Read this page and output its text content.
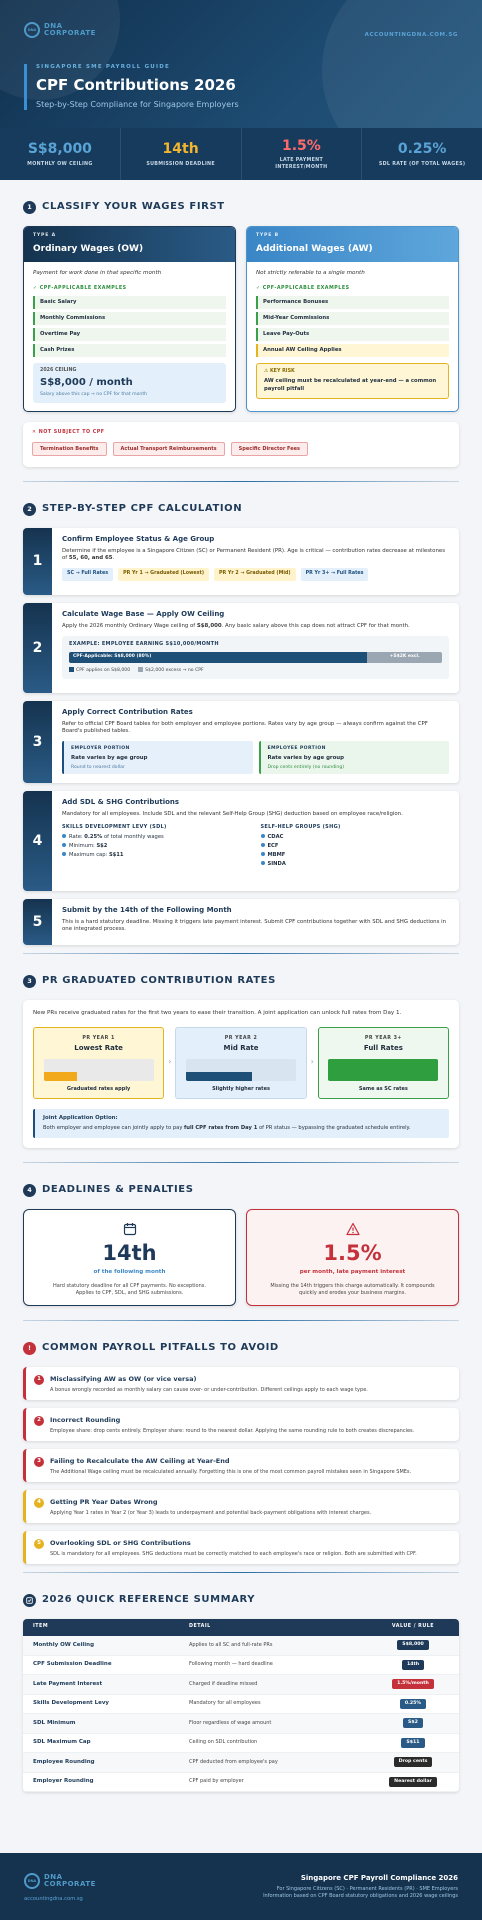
DNA	DNA
CORPORATE	ACCOUNTINGDNA.COM.SG
SINGAPORE SME PAYROLL GUIDE
CPF Contributions 2026
Step-by-Step Compliance for Singapore Employers
S$8,000
MONTHLY OW CEILING
14th
SUBMISSION DEADLINE
1.5%
LATE PAYMENT INTEREST/MONTH
0.25%
SDL RATE (OF TOTAL WAGES)
1	CLASSIFY YOUR WAGES FIRST
TYPE A
Ordinary Wages (OW)
Payment for work done in that specific month
✓ CPF-APPLICABLE EXAMPLES
Basic Salary
Monthly Commissions
Overtime Pay
Cash Prizes
2026 CEILING
S$8,000 / month
Salary above this cap → no CPF for that month
TYPE B
Additional Wages (AW)
Not strictly referable to a single month
✓ CPF-APPLICABLE EXAMPLES
Performance Bonuses
Mid-Year Commissions
Leave Pay-Outs
Annual AW Ceiling Applies
⚠ KEY RISK
AW ceiling must be recalculated at year-end — a common payroll pitfall
✕ NOT SUBJECT TO CPF
Termination Benefits	Actual Transport Reimbursements	Specific Director Fees
2	STEP-BY-STEP CPF CALCULATION
1
Confirm Employee Status & Age Group
Determine if the employee is a Singapore Citizen (SC) or Permanent Resident (PR). Age is critical — contribution rates decrease at milestones of 55, 60, and 65.
SC → Full Rates	PR Yr 1 → Graduated (Lowest)	PR Yr 2 → Graduated (Mid)	PR Yr 3+ → Full Rates
2
Calculate Wage Base — Apply OW Ceiling
Apply the 2026 monthly Ordinary Wage ceiling of S$8,000. Any basic salary above this cap does not attract CPF for that month.
EXAMPLE: EMPLOYEE EARNING S$10,000/MONTH
CPF-Applicable: S$8,000 (80%)	+S$2K excl.
CPF applies on S$8,000	S$2,000 excess → no CPF
3
Apply Correct Contribution Rates
Refer to official CPF Board tables for both employer and employee portions. Rates vary by age group — always confirm against the CPF Board's published tables.
EMPLOYER PORTION
Rate varies by age group
Round to nearest dollar
EMPLOYEE PORTION
Rate varies by age group
Drop cents entirely (no rounding)
4
Add SDL & SHG Contributions
Mandatory for all employees. Include SDL and the relevant Self-Help Group (SHG) deduction based on employee race/religion.
SKILLS DEVELOPMENT LEVY (SDL)
Rate: 0.25% of total monthly wages
Minimum: S$2
Maximum cap: S$11
SELF-HELP GROUPS (SHG)
CDAC
ECF
MBMF
SINDA
5
Submit by the 14th of the Following Month
This is a hard statutory deadline. Missing it triggers late payment interest. Submit CPF contributions together with SDL and SHG deductions in one integrated process.
3	PR GRADUATED CONTRIBUTION RATES
New PRs receive graduated rates for the first two years to ease their transition. A joint application can unlock full rates from Day 1.
PR YEAR 1
Lowest Rate
Graduated rates apply
›
PR YEAR 2
Mid Rate
Slightly higher rates
›
PR YEAR 3+
Full Rates
Same as SC rates
Joint Application Option:
Both employer and employee can jointly apply to pay full CPF rates from Day 1 of PR status — bypassing the graduated schedule entirely.
4	DEADLINES & PENALTIES
14th
of the following month
Hard statutory deadline for all CPF payments. No exceptions. Applies to CPF, SDL, and SHG submissions.
1.5%
per month, late payment interest
Missing the 14th triggers this charge automatically. It compounds quickly and erodes your business margins.
!	COMMON PAYROLL PITFALLS TO AVOID
1	Misclassifying AW as OW (or vice versa)
A bonus wrongly recorded as monthly salary can cause over- or under-contribution. Different ceilings apply to each wage type.
2	Incorrect Rounding
Employee share: drop cents entirely. Employer share: round to the nearest dollar. Applying the same rounding rule to both creates discrepancies.
3	Failing to Recalculate the AW Ceiling at Year-End
The Additional Wage ceiling must be recalculated annually. Forgetting this is one of the most common payroll mistakes seen in Singapore SMEs.
4	Getting PR Year Dates Wrong
Applying Year 1 rates in Year 2 (or Year 3) leads to underpayment and potential back-payment obligations with interest charges.
5	Overlooking SDL or SHG Contributions
SDL is mandatory for all employees. SHG deductions must be correctly matched to each employee's race or religion. Both are submitted with CPF.
2026 QUICK REFERENCE SUMMARY
ITEM	DETAIL	VALUE / RULE
Monthly OW Ceiling	Applies to all SC and full-rate PRs	S$8,000
CPF Submission Deadline	Following month — hard deadline	14th
Late Payment Interest	Charged if deadline missed	1.5%/month
Skills Development Levy	Mandatory for all employees	0.25%
SDL Minimum	Floor regardless of wage amount	S$2
SDL Maximum Cap	Ceiling on SDL contribution	S$11
Employee Rounding	CPF deducted from employee's pay	Drop cents
Employer Rounding	CPF paid by employer	Nearest dollar
DNA	DNA
CORPORATE
accountingdna.com.sg
Singapore CPF Payroll Compliance 2026
For Singapore Citizens (SC) · Permanent Residents (PR) · SME Employers Information based on CPF Board statutory obligations and 2026 wage ceilings
